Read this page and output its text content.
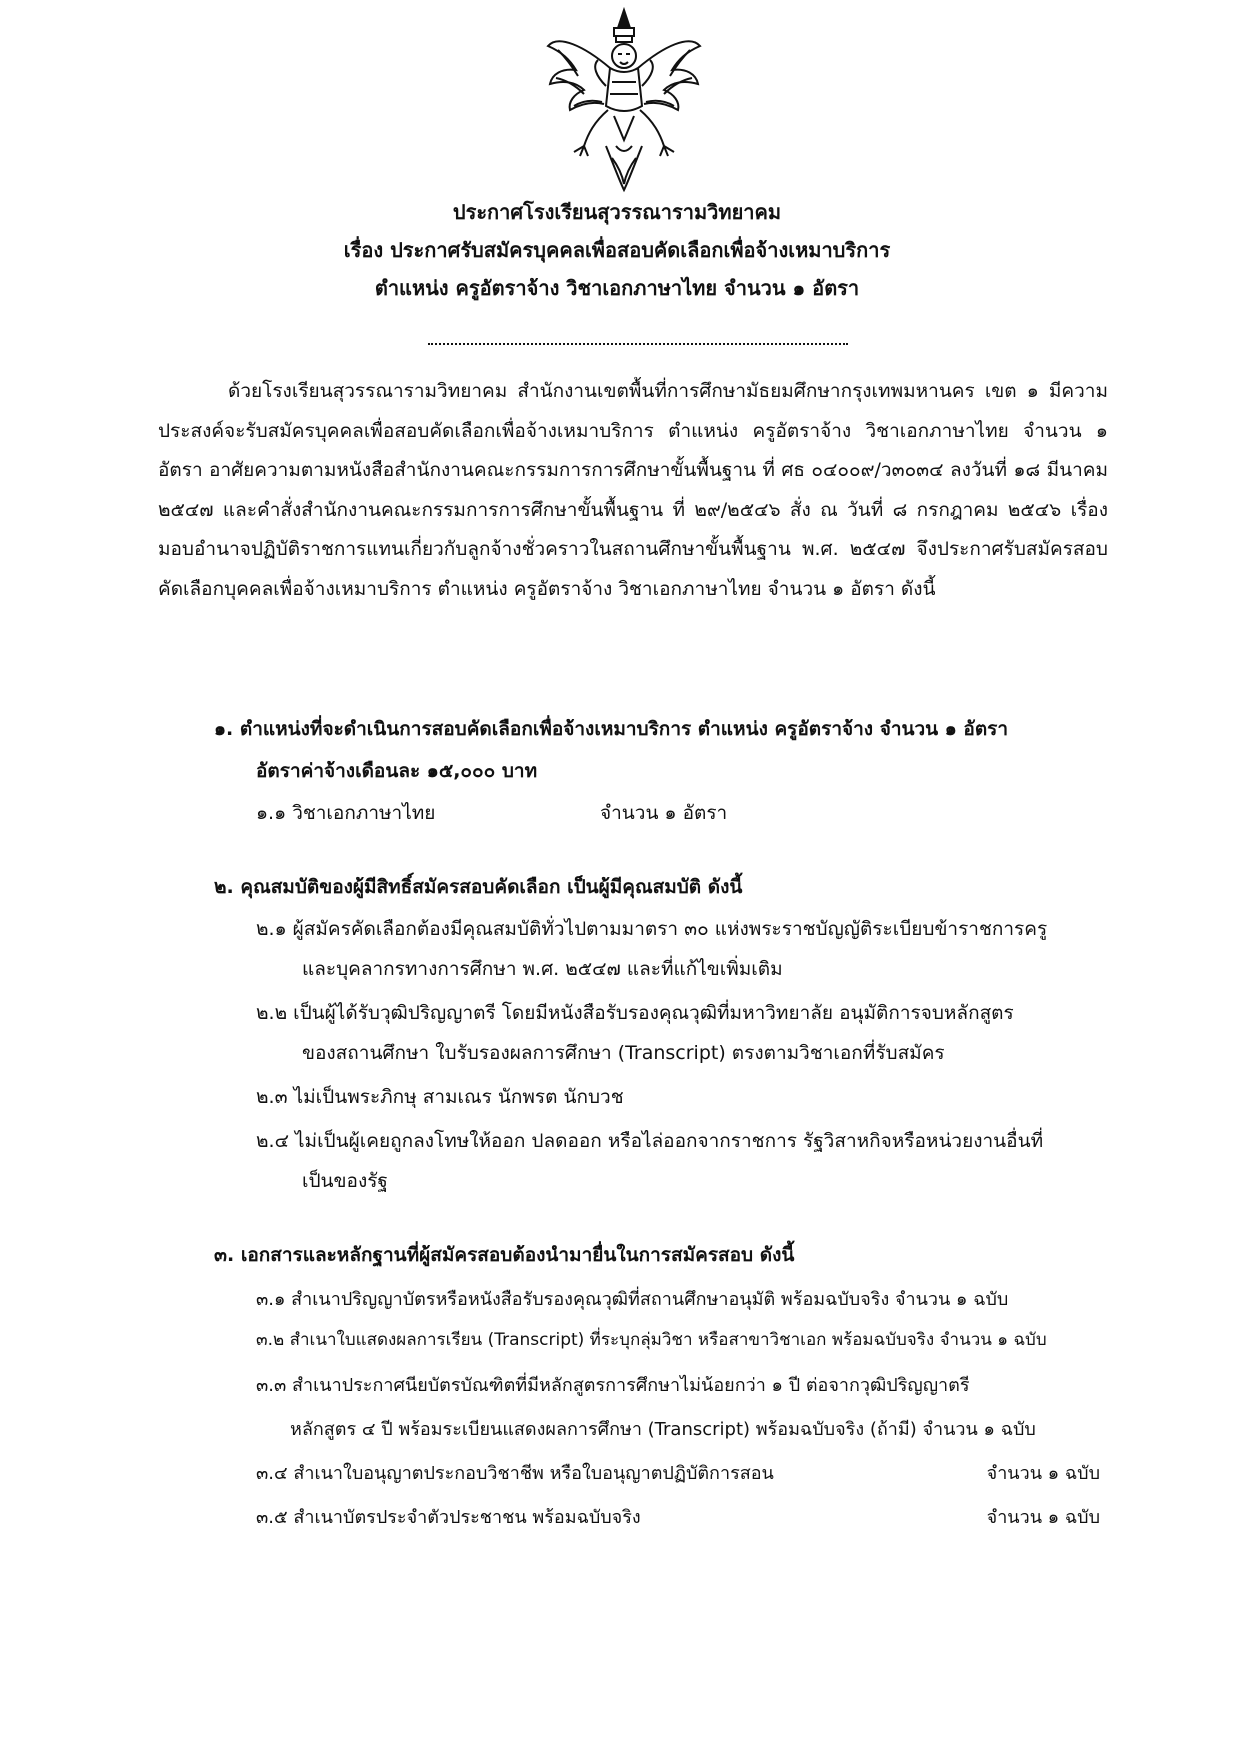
ประกาศโรงเรียนสุวรรณารามวิทยาคม
เรื่อง ประกาศรับสมัครบุคคลเพื่อสอบคัดเลือกเพื่อจ้างเหมาบริการ
ตำแหน่ง ครูอัตราจ้าง วิชาเอกภาษาไทย จำนวน ๑ อัตรา
ด้วยโรงเรียนสุวรรณารามวิทยาคม สำนักงานเขตพื้นที่การศึกษามัธยมศึกษากรุงเทพมหานคร เขต ๑ มีความประสงค์จะรับสมัครบุคคลเพื่อสอบคัดเลือกเพื่อจ้างเหมาบริการ ตำแหน่ง ครูอัตราจ้าง วิชาเอกภาษาไทย จำนวน ๑ อัตรา อาศัยความตามหนังสือสำนักงานคณะกรรมการการศึกษาขั้นพื้นฐาน ที่ ศธ ๐๔๐๐๙/ว๓๐๓๔ ลงวันที่ ๑๘ มีนาคม ๒๕๔๗ และคำสั่งสำนักงานคณะกรรมการการศึกษาขั้นพื้นฐาน ที่ ๒๙/๒๕๔๖ สั่ง ณ วันที่ ๘ กรกฎาคม ๒๕๔๖ เรื่อง มอบอำนาจปฏิบัติราชการแทนเกี่ยวกับลูกจ้างชั่วคราวในสถานศึกษาขั้นพื้นฐาน พ.ศ. ๒๕๔๗ จึงประกาศรับสมัครสอบคัดเลือกบุคคลเพื่อจ้างเหมาบริการ ตำแหน่ง ครูอัตราจ้าง วิชาเอกภาษาไทย จำนวน ๑ อัตรา ดังนี้
๑. ตำแหน่งที่จะดำเนินการสอบคัดเลือกเพื่อจ้างเหมาบริการ ตำแหน่ง ครูอัตราจ้าง จำนวน ๑ อัตรา
อัตราค่าจ้างเดือนละ ๑๕,๐๐๐ บาท
๑.๑ วิชาเอกภาษาไทย	จำนวน ๑ อัตรา
๒. คุณสมบัติของผู้มีสิทธิ์สมัครสอบคัดเลือก เป็นผู้มีคุณสมบัติ ดังนี้
๒.๑ ผู้สมัครคัดเลือกต้องมีคุณสมบัติทั่วไปตามมาตรา ๓๐ แห่งพระราชบัญญัติระเบียบข้าราชการครู
และบุคลากรทางการศึกษา พ.ศ. ๒๕๔๗ และที่แก้ไขเพิ่มเติม
๒.๒ เป็นผู้ได้รับวุฒิปริญญาตรี โดยมีหนังสือรับรองคุณวุฒิที่มหาวิทยาลัย อนุมัติการจบหลักสูตร
ของสถานศึกษา ใบรับรองผลการศึกษา (Transcript) ตรงตามวิชาเอกที่รับสมัคร
๒.๓ ไม่เป็นพระภิกษุ สามเณร นักพรต นักบวช
๒.๔ ไม่เป็นผู้เคยถูกลงโทษให้ออก ปลดออก หรือไล่ออกจากราชการ รัฐวิสาหกิจหรือหน่วยงานอื่นที่
เป็นของรัฐ
๓. เอกสารและหลักฐานที่ผู้สมัครสอบต้องนำมายื่นในการสมัครสอบ ดังนี้
๓.๑ สำเนาปริญญาบัตรหรือหนังสือรับรองคุณวุฒิที่สถานศึกษาอนุมัติ พร้อมฉบับจริง จำนวน ๑ ฉบับ
๓.๒ สำเนาใบแสดงผลการเรียน (Transcript) ที่ระบุกลุ่มวิชา หรือสาขาวิชาเอก พร้อมฉบับจริง จำนวน ๑ ฉบับ
๓.๓ สำเนาประกาศนียบัตรบัณฑิตที่มีหลักสูตรการศึกษาไม่น้อยกว่า ๑ ปี ต่อจากวุฒิปริญญาตรี
หลักสูตร ๔ ปี พร้อมระเบียนแสดงผลการศึกษา (Transcript) พร้อมฉบับจริง (ถ้ามี) จำนวน ๑ ฉบับ
๓.๔ สำเนาใบอนุญาตประกอบวิชาชีพ หรือใบอนุญาตปฏิบัติการสอน	จำนวน ๑ ฉบับ
๓.๕ สำเนาบัตรประจำตัวประชาชน พร้อมฉบับจริง	จำนวน ๑ ฉบับ
